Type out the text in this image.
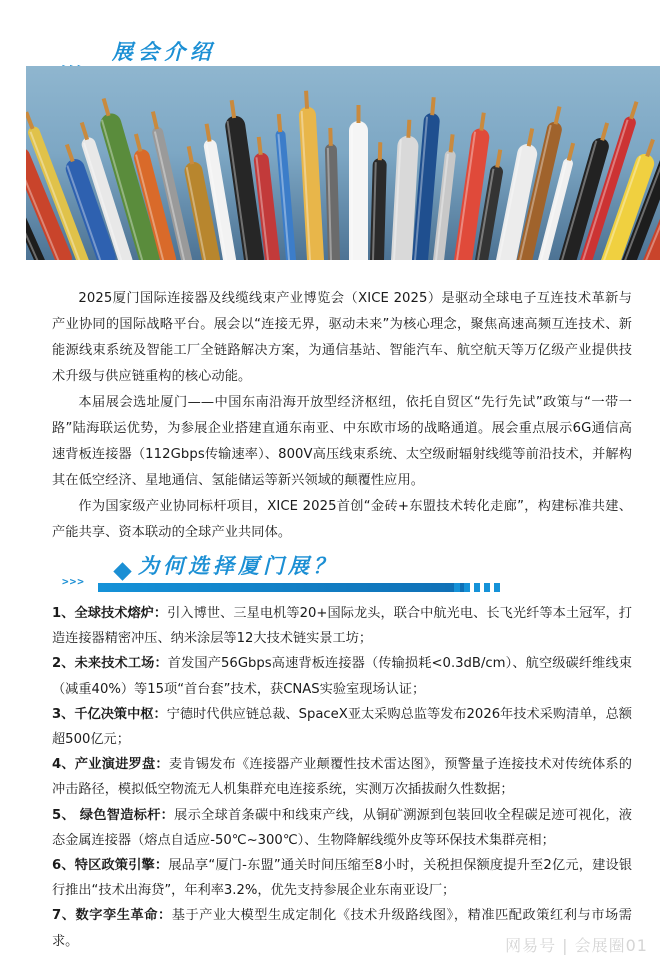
展会介绍
2025厦门国际连接器及线缆线束产业博览会（XICE 2025）是驱动全球电子互连技术革新与产业协同的国际战略平台。展会以“连接无界，驱动未来”为核心理念，聚焦高速高频互连技术、新能源线束系统及智能工厂全链路解决方案，为通信基站、智能汽车、航空航天等万亿级产业提供技术升级与供应链重构的核心动能。
本届展会选址厦门——中国东南沿海开放型经济枢纽，依托自贸区“先行先试”政策与“一带一路”陆海联运优势，为参展企业搭建直通东南亚、中东欧市场的战略通道。展会重点展示6G通信高速背板连接器（112Gbps传输速率）、800V高压线束系统、太空级耐辐射线缆等前沿技术，并解构其在低空经济、星地通信、氢能储运等新兴领域的颠覆性应用。
作为国家级产业协同标杆项目，XICE 2025首创“金砖+东盟技术转化走廊”，构建标准共建、产能共享、资本联动的全球产业共同体。
为何选择厦门展？
>>>
1、全球技术熔炉：引入博世、三星电机等20+国际龙头，联合中航光电、长飞光纤等本土冠军，打造连接器精密冲压、纳米涂层等12大技术链实景工坊；
2、未来技术工场：首发国产56Gbps高速背板连接器（传输损耗<0.3dB/cm）、航空级碳纤维线束（减重40%）等15项“首台套”技术，获CNAS实验室现场认证；
3、千亿决策中枢：宁德时代供应链总裁、SpaceX亚太采购总监等发布2026年技术采购清单，总额超500亿元；
4、产业演进罗盘：麦肯锡发布《连接器产业颠覆性技术雷达图》，预警量子连接技术对传统体系的冲击路径，模拟低空物流无人机集群充电连接系统，实测万次插拔耐久性数据；
5、 绿色智造标杆：展示全球首条碳中和线束产线，从铜矿溯源到包装回收全程碳足迹可视化，液态金属连接器（熔点自适应-50℃~300℃）、生物降解线缆外皮等环保技术集群亮相；
6、特区政策引擎：展品享“厦门-东盟”通关时间压缩至8小时，关税担保额度提升至2亿元，建设银行推出“技术出海贷”，年利率3.2%，优先支持参展企业东南亚设厂；
7、数字孪生革命：基于产业大模型生成定制化《技术升级路线图》，精准匹配政策红利与市场需求。	网易号 | 会展圈01
